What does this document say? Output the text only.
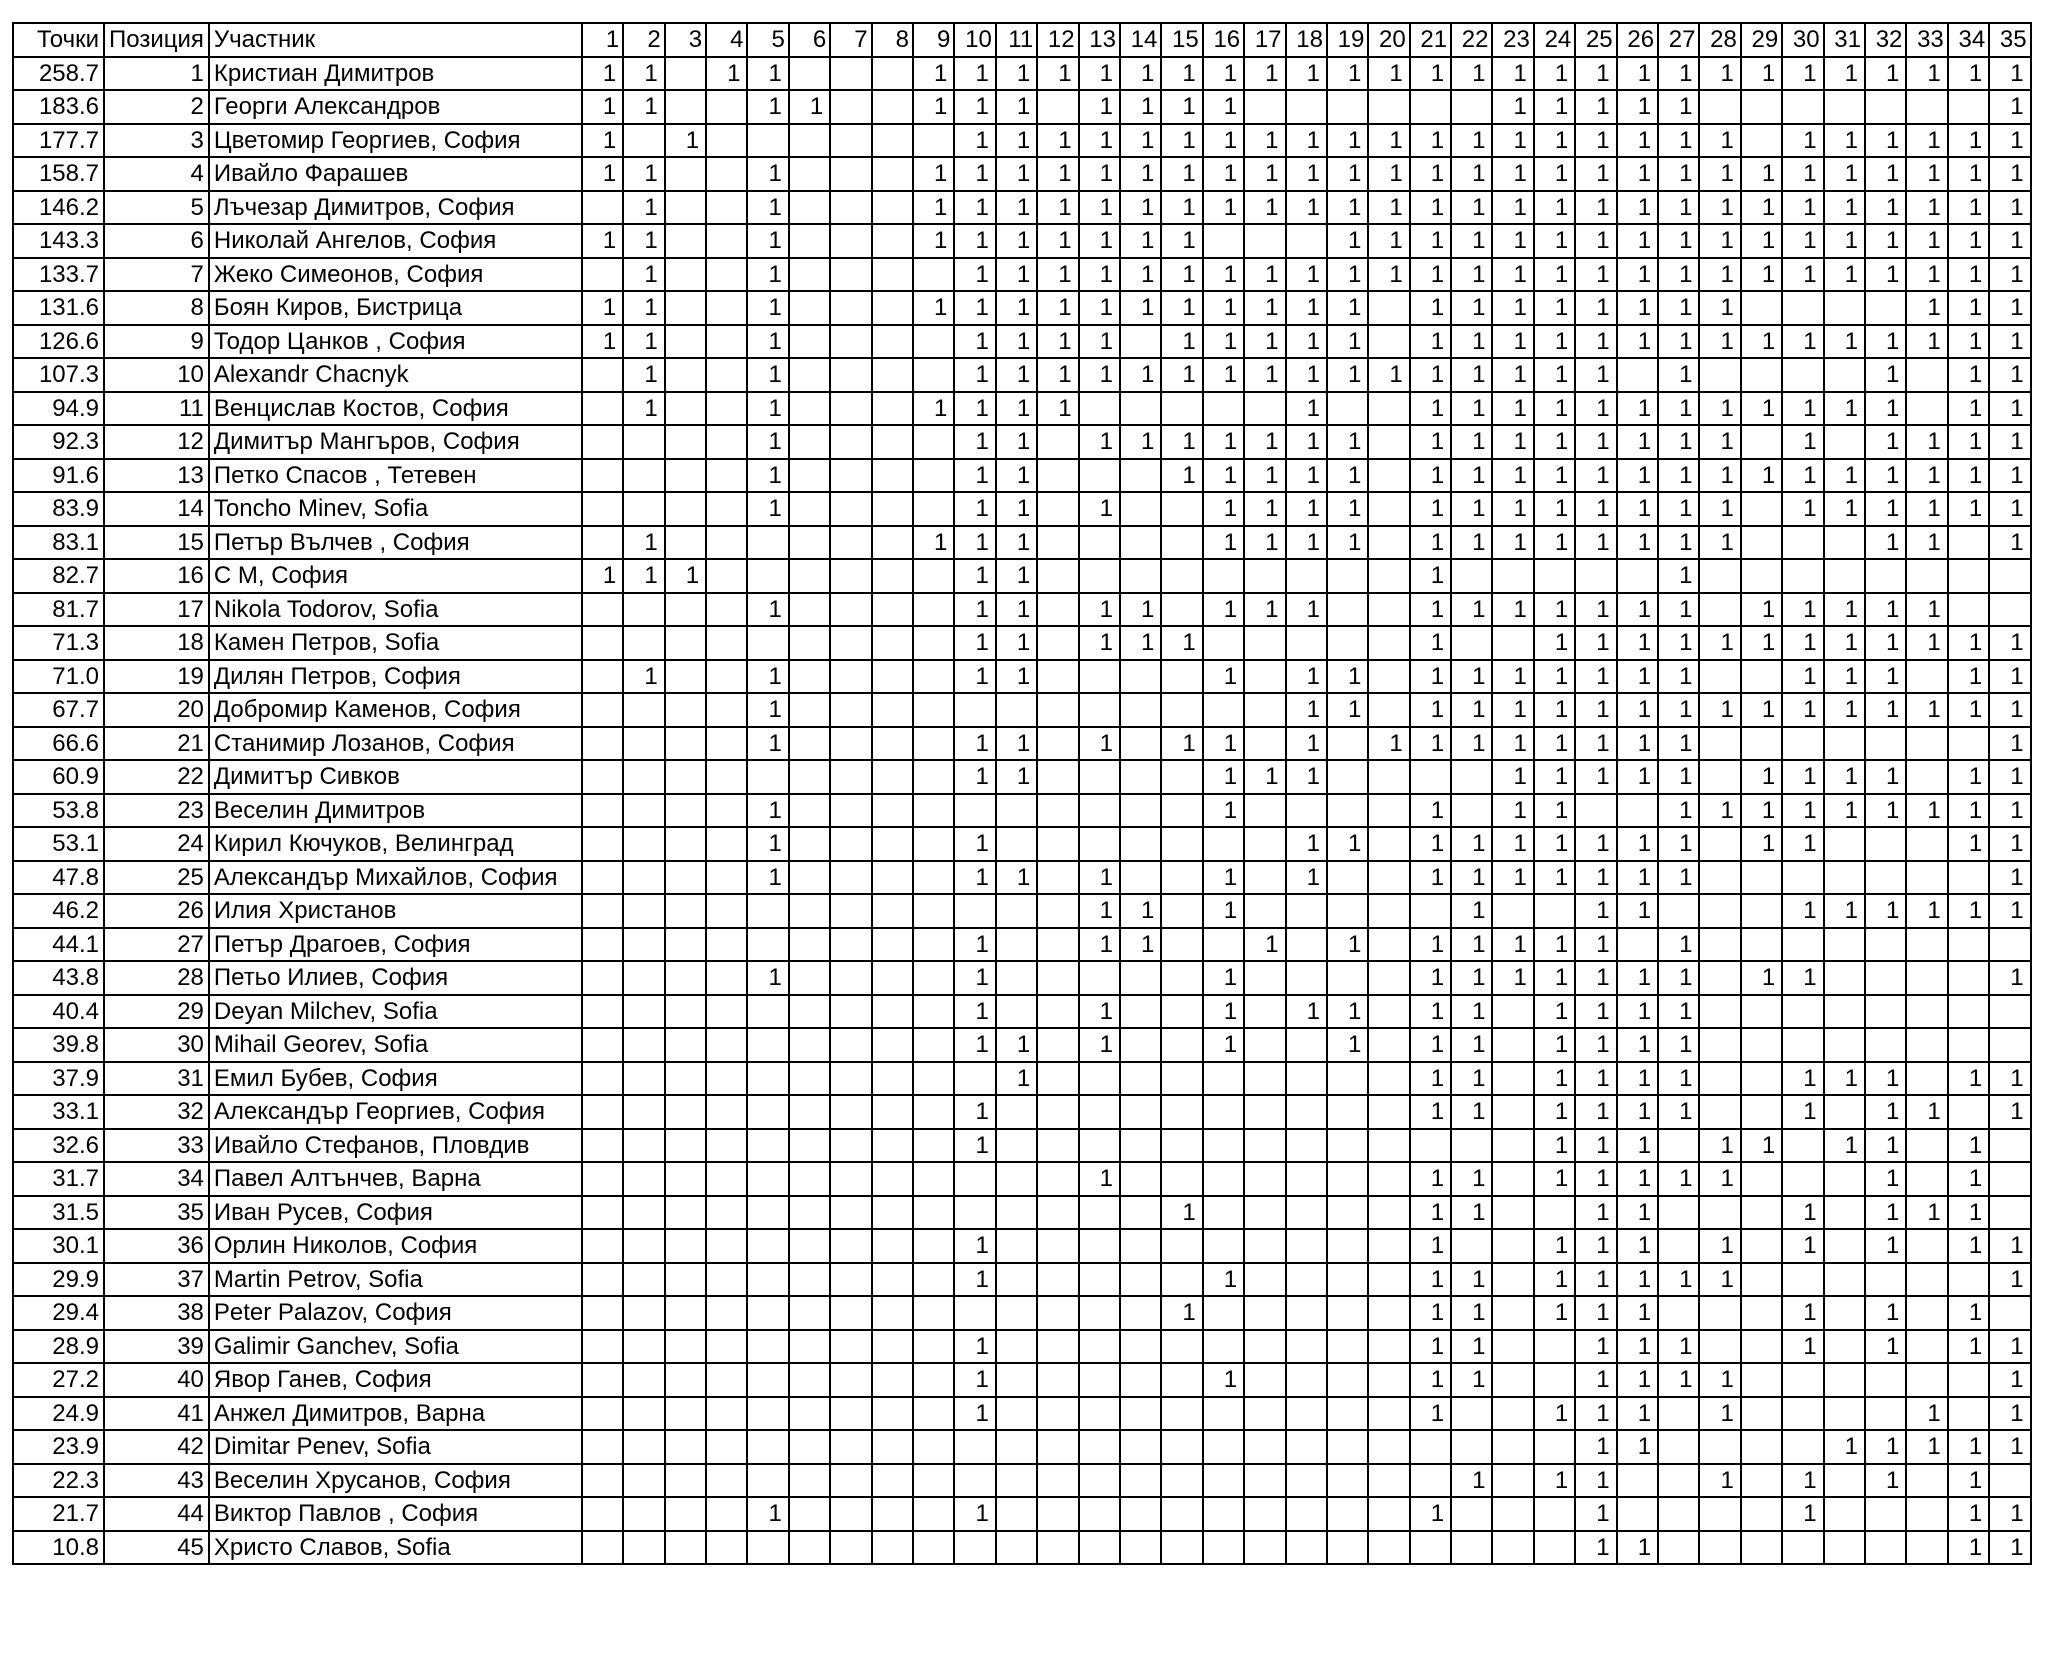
Точки	Позиция	Участник	1	2	3	4	5	6	7	8	9	10	11	12	13	14	15	16	17	18	19	20	21	22	23	24	25	26	27	28	29	30	31	32	33	34	35
258.7	1	Кристиан Димитров	1	1		1	1				1	1	1	1	1	1	1	1	1	1	1	1	1	1	1	1	1	1	1	1	1	1	1	1	1	1	1
183.6	2	Георги Александров	1	1			1	1			1	1	1		1	1	1	1							1	1	1	1	1								1
177.7	3	Цветомир Георгиев, София	1		1							1	1	1	1	1	1	1	1	1	1	1	1	1	1	1	1	1	1	1		1	1	1	1	1	1
158.7	4	Ивайло Фарашев	1	1			1				1	1	1	1	1	1	1	1	1	1	1	1	1	1	1	1	1	1	1	1	1	1	1	1	1	1	1
146.2	5	Лъчезар Димитров, София		1			1				1	1	1	1	1	1	1	1	1	1	1	1	1	1	1	1	1	1	1	1	1	1	1	1	1	1	1
143.3	6	Николай Ангелов, София	1	1			1				1	1	1	1	1	1	1				1	1	1	1	1	1	1	1	1	1	1	1	1	1	1	1	1
133.7	7	Жеко Симеонов, София		1			1					1	1	1	1	1	1	1	1	1	1	1	1	1	1	1	1	1	1	1	1	1	1	1	1	1	1
131.6	8	Боян Киров, Бистрица	1	1			1				1	1	1	1	1	1	1	1	1	1	1		1	1	1	1	1	1	1	1					1	1	1
126.6	9	Тодор Цанков , София	1	1			1					1	1	1	1		1	1	1	1	1		1	1	1	1	1	1	1	1	1	1	1	1	1	1	1
107.3	10	Alexandr Chacnyk		1			1					1	1	1	1	1	1	1	1	1	1	1	1	1	1	1	1		1					1		1	1
94.9	11	Венцислав Костов, София		1			1				1	1	1	1						1			1	1	1	1	1	1	1	1	1	1	1	1		1	1
92.3	12	Димитър Мангъров, София					1					1	1		1	1	1	1	1	1	1		1	1	1	1	1	1	1	1		1		1	1	1	1
91.6	13	Петко Спасов , Тетевен					1					1	1				1	1	1	1	1		1	1	1	1	1	1	1	1	1	1	1	1	1	1	1
83.9	14	Toncho Minev, Sofia					1					1	1		1			1	1	1	1		1	1	1	1	1	1	1	1		1	1	1	1	1	1
83.1	15	Петър Вълчев , София		1							1	1	1					1	1	1	1		1	1	1	1	1	1	1	1				1	1		1
82.7	16	С М, София	1	1	1							1	1										1						1								
81.7	17	Nikola Todorov, Sofia					1					1	1		1	1		1	1	1			1	1	1	1	1	1	1		1	1	1	1	1		
71.3	18	Камен Петров, Sofia										1	1		1	1	1						1			1	1	1	1	1	1	1	1	1	1	1	1
71.0	19	Дилян Петров, София		1			1					1	1					1		1	1		1	1	1	1	1	1	1			1	1	1		1	1
67.7	20	Добромир Каменов, София					1													1	1		1	1	1	1	1	1	1	1	1	1	1	1	1	1	1
66.6	21	Станимир Лозанов, София					1					1	1		1		1	1		1		1	1	1	1	1	1	1	1								1
60.9	22	Димитър Сивков										1	1					1	1	1					1	1	1	1	1		1	1	1	1		1	1
53.8	23	Веселин Димитров					1											1					1		1	1			1	1	1	1	1	1	1	1	1
53.1	24	Кирил Кючуков, Велинград					1					1								1	1		1	1	1	1	1	1	1		1	1				1	1
47.8	25	Александър Михайлов, София					1					1	1		1			1		1			1	1	1	1	1	1	1								1
46.2	26	Илия Христанов													1	1		1						1			1	1				1	1	1	1	1	1
44.1	27	Петър Драгоев, София										1			1	1			1		1		1	1	1	1	1		1								
43.8	28	Петьо Илиев, София					1					1						1					1	1	1	1	1	1	1		1	1					1
40.4	29	Deyan Milchev, Sofia										1			1			1		1	1		1	1		1	1	1	1								
39.8	30	Mihail Georev, Sofia										1	1		1			1			1		1	1		1	1	1	1								
37.9	31	Емил Бубев, София											1										1	1		1	1	1	1			1	1	1		1	1
33.1	32	Александър Георгиев, София										1											1	1		1	1	1	1			1		1	1		1
32.6	33	Ивайло Стефанов, Пловдив										1														1	1	1		1	1		1	1		1	
31.7	34	Павел Алтънчев, Варна													1								1	1		1	1	1	1	1				1		1	
31.5	35	Иван Русев, София															1						1	1			1	1				1		1	1	1	
30.1	36	Орлин Николов, София										1											1			1	1	1		1		1		1		1	1
29.9	37	Martin Petrov, Sofia										1						1					1	1		1	1	1	1	1							1
29.4	38	Peter Palazov, София															1						1	1		1	1	1				1		1		1	
28.9	39	Galimir Ganchev, Sofia										1											1	1			1	1	1			1		1		1	1
27.2	40	Явор Ганев, София										1						1					1	1			1	1	1	1							1
24.9	41	Анжел Димитров, Варна										1											1			1	1	1		1					1		1
23.9	42	Dimitar Penev, Sofia																									1	1					1	1	1	1	1
22.3	43	Веселин Хрусанов, София																						1		1	1			1		1		1		1	
21.7	44	Виктор Павлов , София					1					1											1				1					1				1	1
10.8	45	Христо Славов, Sofia																									1	1								1	1
